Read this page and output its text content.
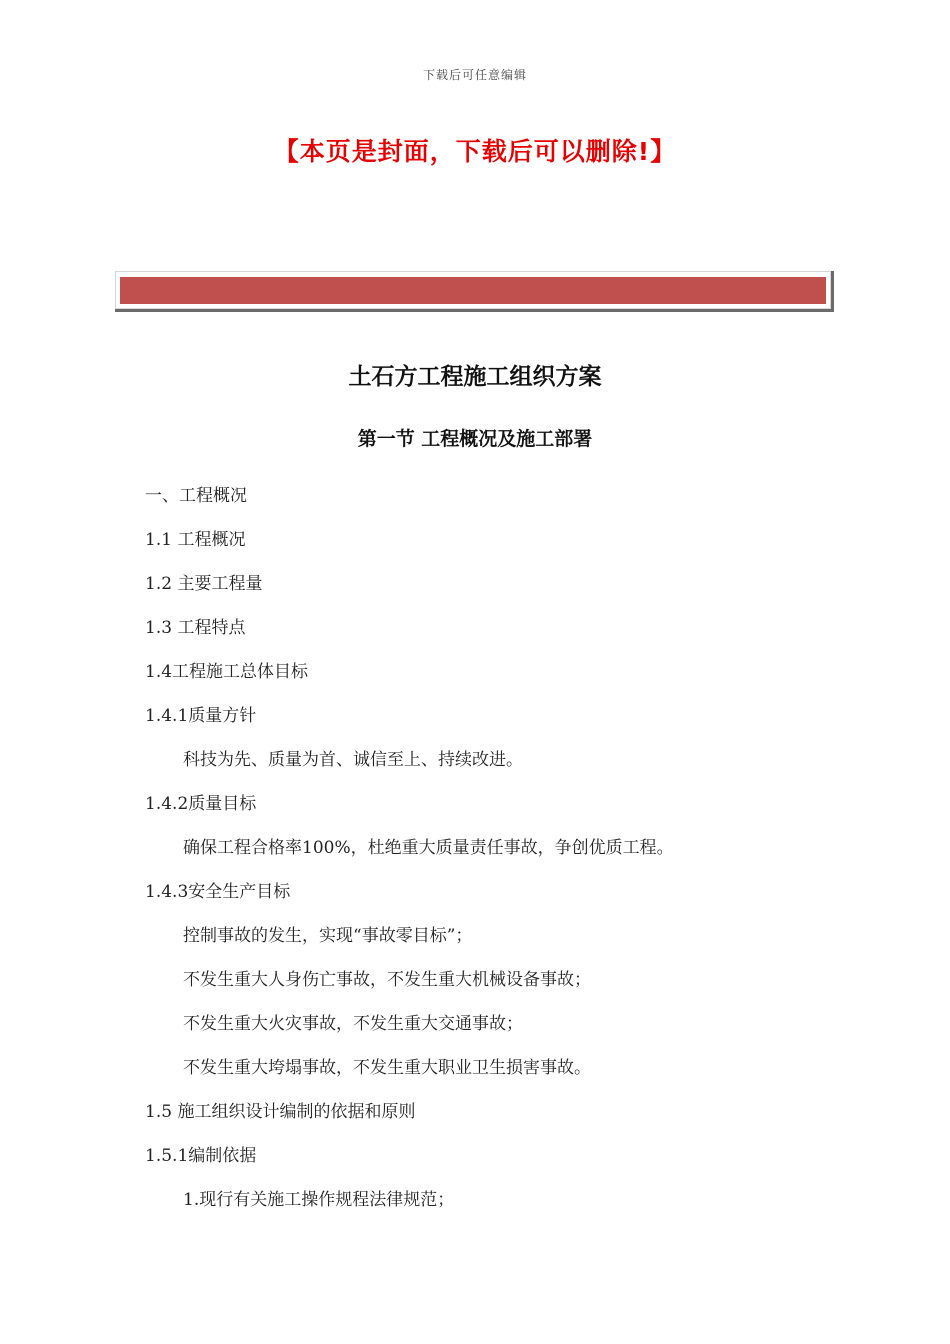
下载后可任意编辑
【本页是封面，下载后可以删除!】
土石方工程施工组织方案
第一节 工程概况及施工部署
一、工程概况
1.1 工程概况
1.2 主要工程量
1.3 工程特点
1.4工程施工总体目标
1.4.1质量方针
科技为先、质量为首、诚信至上、持续改进。
1.4.2质量目标
确保工程合格率100%，杜绝重大质量责任事故，争创优质工程。
1.4.3安全生产目标
控制事故的发生，实现“事故零目标”；
不发生重大人身伤亡事故，不发生重大机械设备事故；
不发生重大火灾事故，不发生重大交通事故；
不发生重大垮塌事故，不发生重大职业卫生损害事故。
1.5 施工组织设计编制的依据和原则
1.5.1编制依据
1.现行有关施工操作规程法律规范；
